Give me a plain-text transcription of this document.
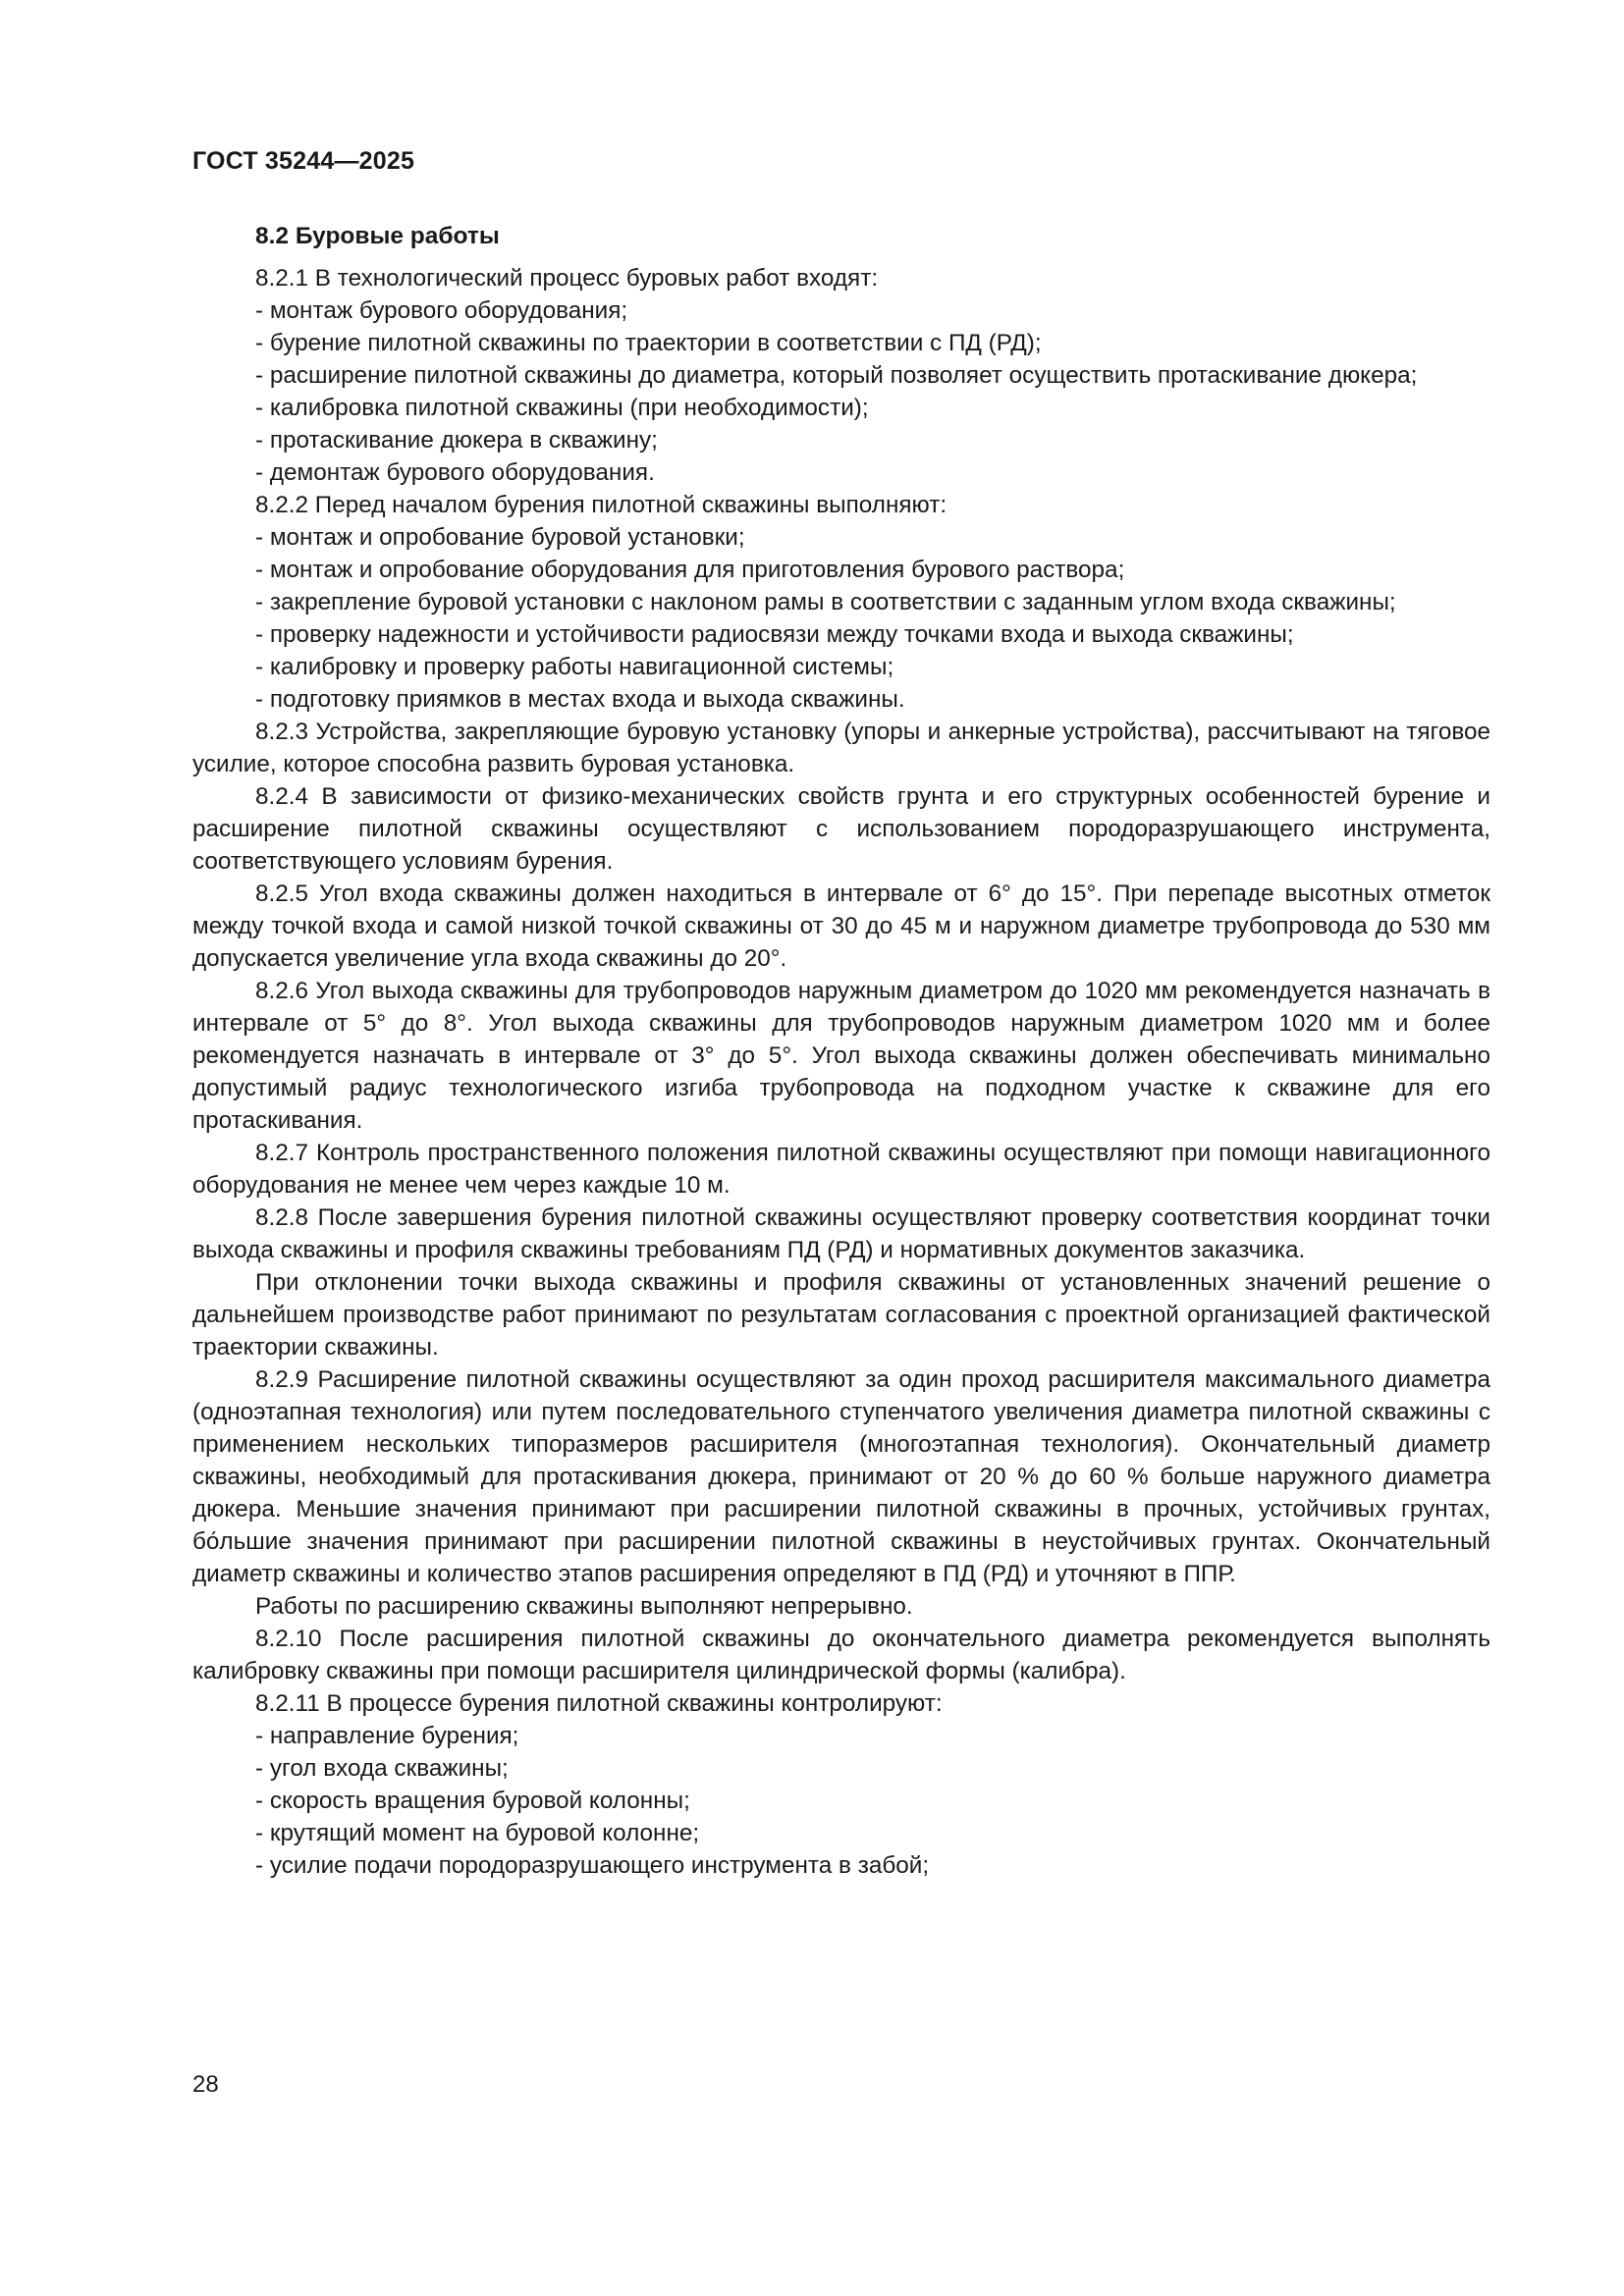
ГОСТ 35244—2025
8.2 Буровые работы

8.2.1 В технологический процесс буровых работ входят:

- монтаж бурового оборудования;

- бурение пилотной скважины по траектории в соответствии с ПД (РД);

- расширение пилотной скважины до диаметра, который позволяет осуществить протаскивание дюкера;

- калибровка пилотной скважины (при необходимости);

- протаскивание дюкера в скважину;

- демонтаж бурового оборудования.

8.2.2 Перед началом бурения пилотной скважины выполняют:

- монтаж и опробование буровой установки;

- монтаж и опробование оборудования для приготовления бурового раствора;

- закрепление буровой установки с наклоном рамы в соответствии с заданным углом входа скважины;

- проверку надежности и устойчивости радиосвязи между точками входа и выхода скважины;

- калибровку и проверку работы навигационной системы;

- подготовку приямков в местах входа и выхода скважины.

8.2.3 Устройства, закрепляющие буровую установку (упоры и анкерные устройства), рассчитывают на тяговое усилие, которое способна развить буровая установка.

8.2.4 В зависимости от физико-механических свойств грунта и его структурных особенностей бурение и расширение пилотной скважины осуществляют с использованием породоразрушающего инструмента, соответствующего условиям бурения.

8.2.5 Угол входа скважины должен находиться в интервале от 6° до 15°. При перепаде высотных отметок между точкой входа и самой низкой точкой скважины от 30 до 45 м и наружном диаметре трубопровода до 530 мм допускается увеличение угла входа скважины до 20°.

8.2.6 Угол выхода скважины для трубопроводов наружным диаметром до 1020 мм рекомендуется назначать в интервале от 5° до 8°. Угол выхода скважины для трубопроводов наружным диаметром 1020 мм и более рекомендуется назначать в интервале от 3° до 5°. Угол выхода скважины должен обеспечивать минимально допустимый радиус технологического изгиба трубопровода на подходном участке к скважине для его протаскивания.

8.2.7 Контроль пространственного положения пилотной скважины осуществляют при помощи навигационного оборудования не менее чем через каждые 10 м.

8.2.8 После завершения бурения пилотной скважины осуществляют проверку соответствия координат точки выхода скважины и профиля скважины требованиям ПД (РД) и нормативных документов заказчика.

При отклонении точки выхода скважины и профиля скважины от установленных значений решение о дальнейшем производстве работ принимают по результатам согласования с проектной организацией фактической траектории скважины.

8.2.9 Расширение пилотной скважины осуществляют за один проход расширителя максимального диаметра (одноэтапная технология) или путем последовательного ступенчатого увеличения диаметра пилотной скважины с применением нескольких типоразмеров расширителя (многоэтапная технология). Окончательный диаметр скважины, необходимый для протаскивания дюкера, принимают от 20 % до 60 % больше наружного диаметра дюкера. Меньшие значения принимают при расширении пилотной скважины в прочных, устойчивых грунтах, бо́льшие значения принимают при расширении пилотной скважины в неустойчивых грунтах. Окончательный диаметр скважины и количество этапов расширения определяют в ПД (РД) и уточняют в ППР.

Работы по расширению скважины выполняют непрерывно.

8.2.10 После расширения пилотной скважины до окончательного диаметра рекомендуется выполнять калибровку скважины при помощи расширителя цилиндрической формы (калибра).

8.2.11 В процессе бурения пилотной скважины контролируют:

- направление бурения;

- угол входа скважины;

- скорость вращения буровой колонны;

- крутящий момент на буровой колонне;

- усилие подачи породоразрушающего инструмента в забой;

28
